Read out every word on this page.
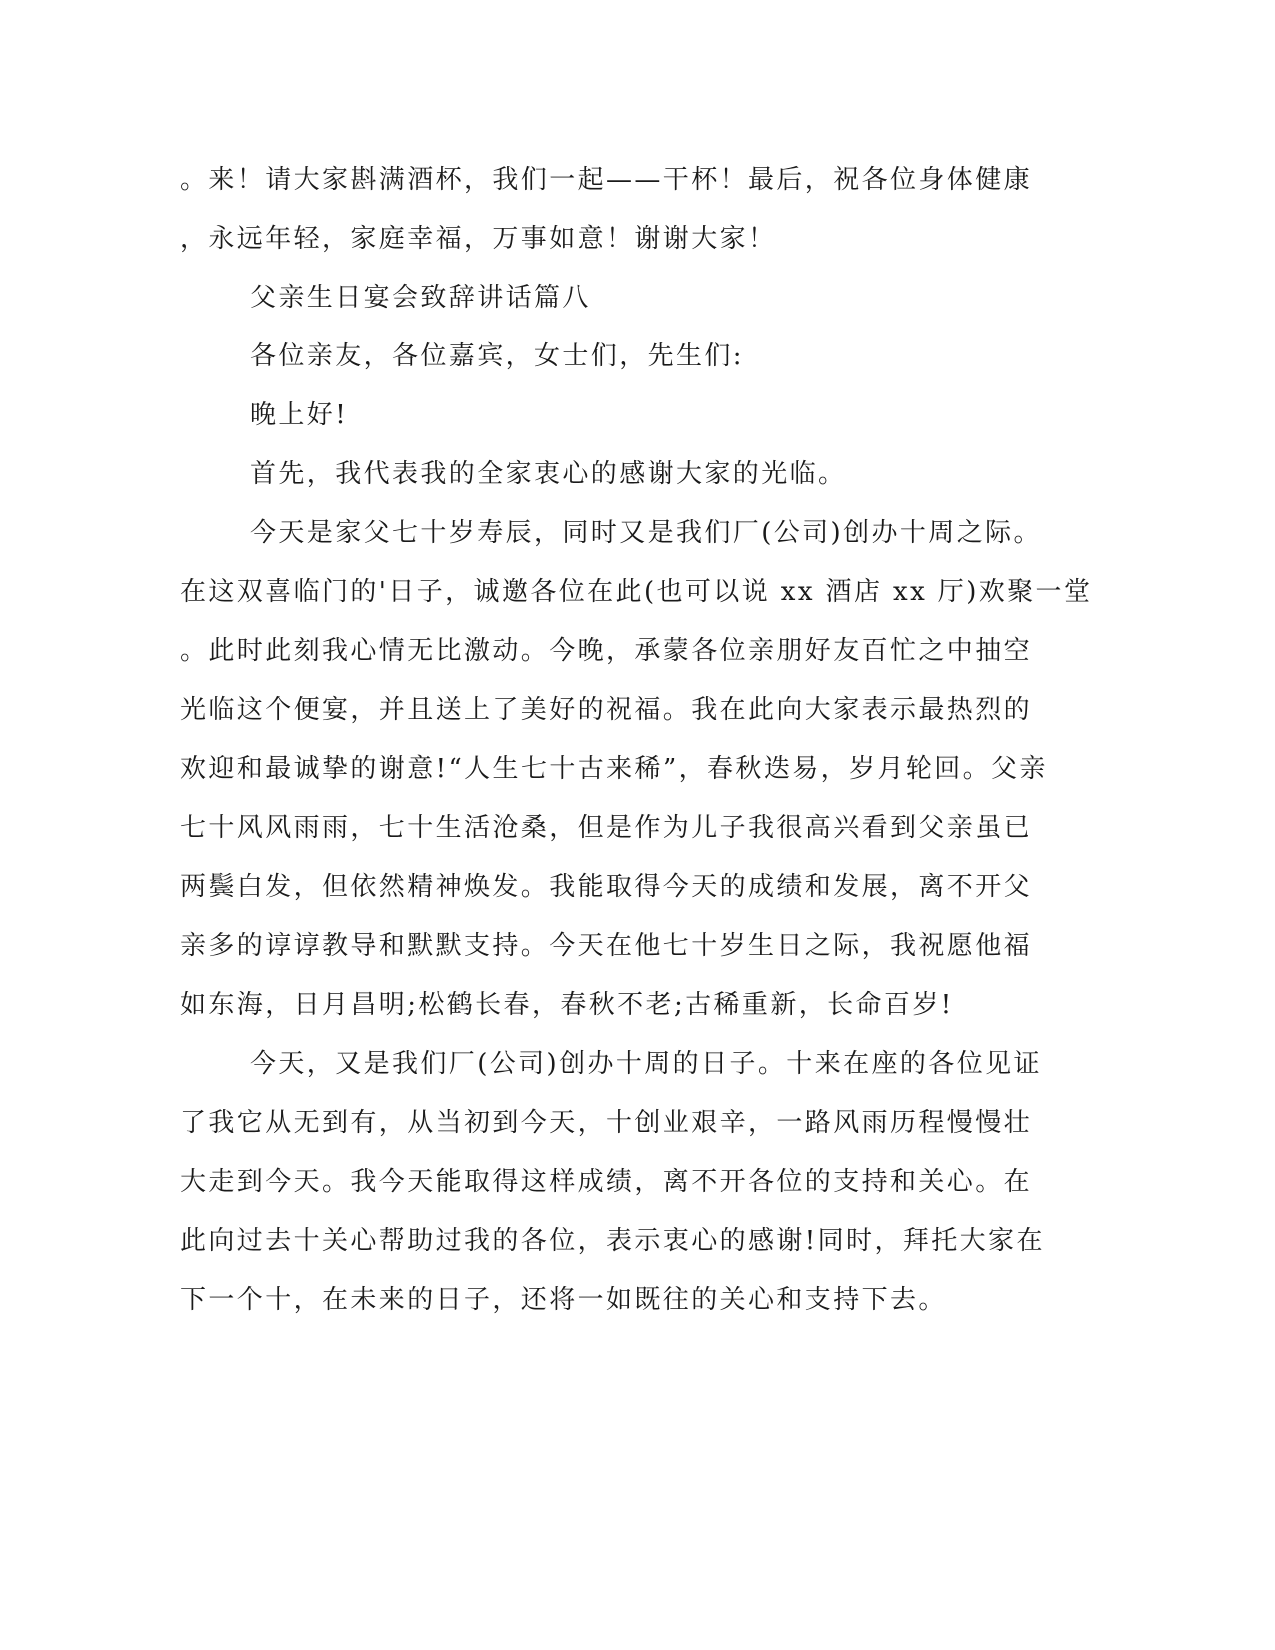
。来！请大家斟满酒杯，我们一起——干杯！最后，祝各位身体健康
，永远年轻，家庭幸福，万事如意！谢谢大家！
父亲生日宴会致辞讲话篇八
各位亲友，各位嘉宾，女士们，先生们:
晚上好!
首先，我代表我的全家衷心的感谢大家的光临。
今天是家父七十岁寿辰，同时又是我们厂(公司)创办十周之际。
在这双喜临门的'日子，诚邀各位在此(也可以说 xx 酒店 xx 厅)欢聚一堂
。此时此刻我心情无比激动。今晚，承蒙各位亲朋好友百忙之中抽空
光临这个便宴，并且送上了美好的祝福。我在此向大家表示最热烈的
欢迎和最诚挚的谢意!“人生七十古来稀”，春秋迭易，岁月轮回。父亲
七十风风雨雨，七十生活沧桑，但是作为儿子我很高兴看到父亲虽已
两鬓白发，但依然精神焕发。我能取得今天的成绩和发展，离不开父
亲多的谆谆教导和默默支持。今天在他七十岁生日之际，我祝愿他福
如东海，日月昌明;松鹤长春，春秋不老;古稀重新，长命百岁!
今天，又是我们厂(公司)创办十周的日子。十来在座的各位见证
了我它从无到有，从当初到今天，十创业艰辛，一路风雨历程慢慢壮
大走到今天。我今天能取得这样成绩，离不开各位的支持和关心。在
此向过去十关心帮助过我的各位，表示衷心的感谢!同时，拜托大家在
下一个十，在未来的日子，还将一如既往的关心和支持下去。
